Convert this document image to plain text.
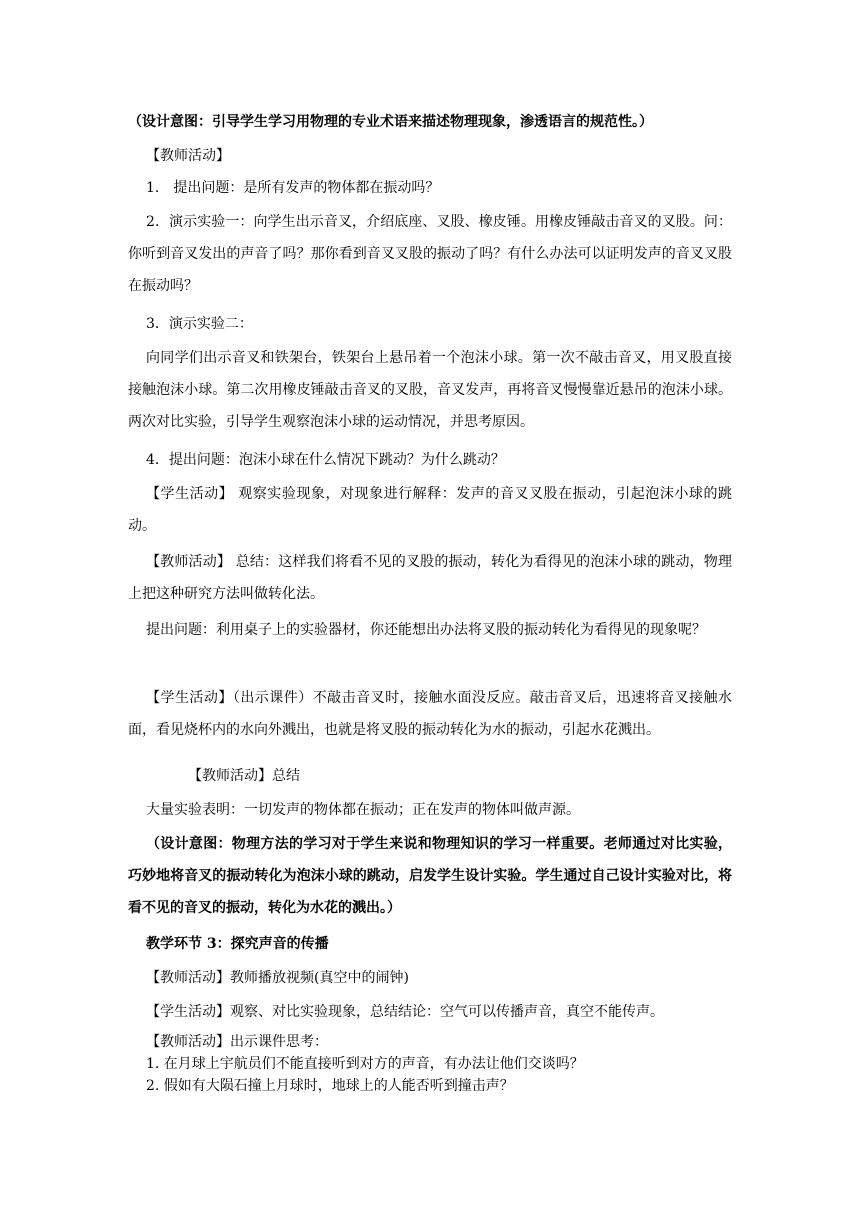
（设计意图：引导学生学习用物理的专业术语来描述物理现象，渗透语言的规范性。）

【教师活动】

1.　提出问题：是所有发声的物体都在振动吗？

2．演示实验一：向学生出示音叉，介绍底座、叉股、橡皮锤。用橡皮锤敲击音叉的叉股。问：你听到音叉发出的声音了吗？那你看到音叉叉股的振动了吗？有什么办法可以证明发声的音叉叉股在振动吗？

3．演示实验二：

向同学们出示音叉和铁架台，铁架台上悬吊着一个泡沫小球。第一次不敲击音叉，用叉股直接接触泡沫小球。第二次用橡皮锤敲击音叉的叉股，音叉发声，再将音叉慢慢靠近悬吊的泡沫小球。两次对比实验，引导学生观察泡沫小球的运动情况，并思考原因。

4．提出问题：泡沫小球在什么情况下跳动？为什么跳动？

【学生活动】 观察实验现象，对现象进行解释：发声的音叉叉股在振动，引起泡沫小球的跳动。

【教师活动】 总结：这样我们将看不见的叉股的振动，转化为看得见的泡沫小球的跳动，物理上把这种研究方法叫做转化法。

提出问题：利用桌子上的实验器材，你还能想出办法将叉股的振动转化为看得见的现象呢？

【学生活动】（出示课件）不敲击音叉时，接触水面没反应。敲击音叉后，迅速将音叉接触水面，看见烧杯内的水向外溅出，也就是将叉股的振动转化为水的振动，引起水花溅出。

【教师活动】总结

大量实验表明：一切发声的物体都在振动；正在发声的物体叫做声源。

（设计意图：物理方法的学习对于学生来说和物理知识的学习一样重要。老师通过对比实验，巧妙地将音叉的振动转化为泡沫小球的跳动，启发学生设计实验。学生通过自己设计实验对比，将看不见的音叉的振动，转化为水花的溅出。）

教学环节 3：探究声音的传播

【教师活动】教师播放视频(真空中的闹钟)

【学生活动】观察、对比实验现象，总结结论：空气可以传播声音，真空不能传声。

【教师活动】出示课件思考：

1. 在月球上宇航员们不能直接听到对方的声音，有办法让他们交谈吗？

2. 假如有大陨石撞上月球时，地球上的人能否听到撞击声？
